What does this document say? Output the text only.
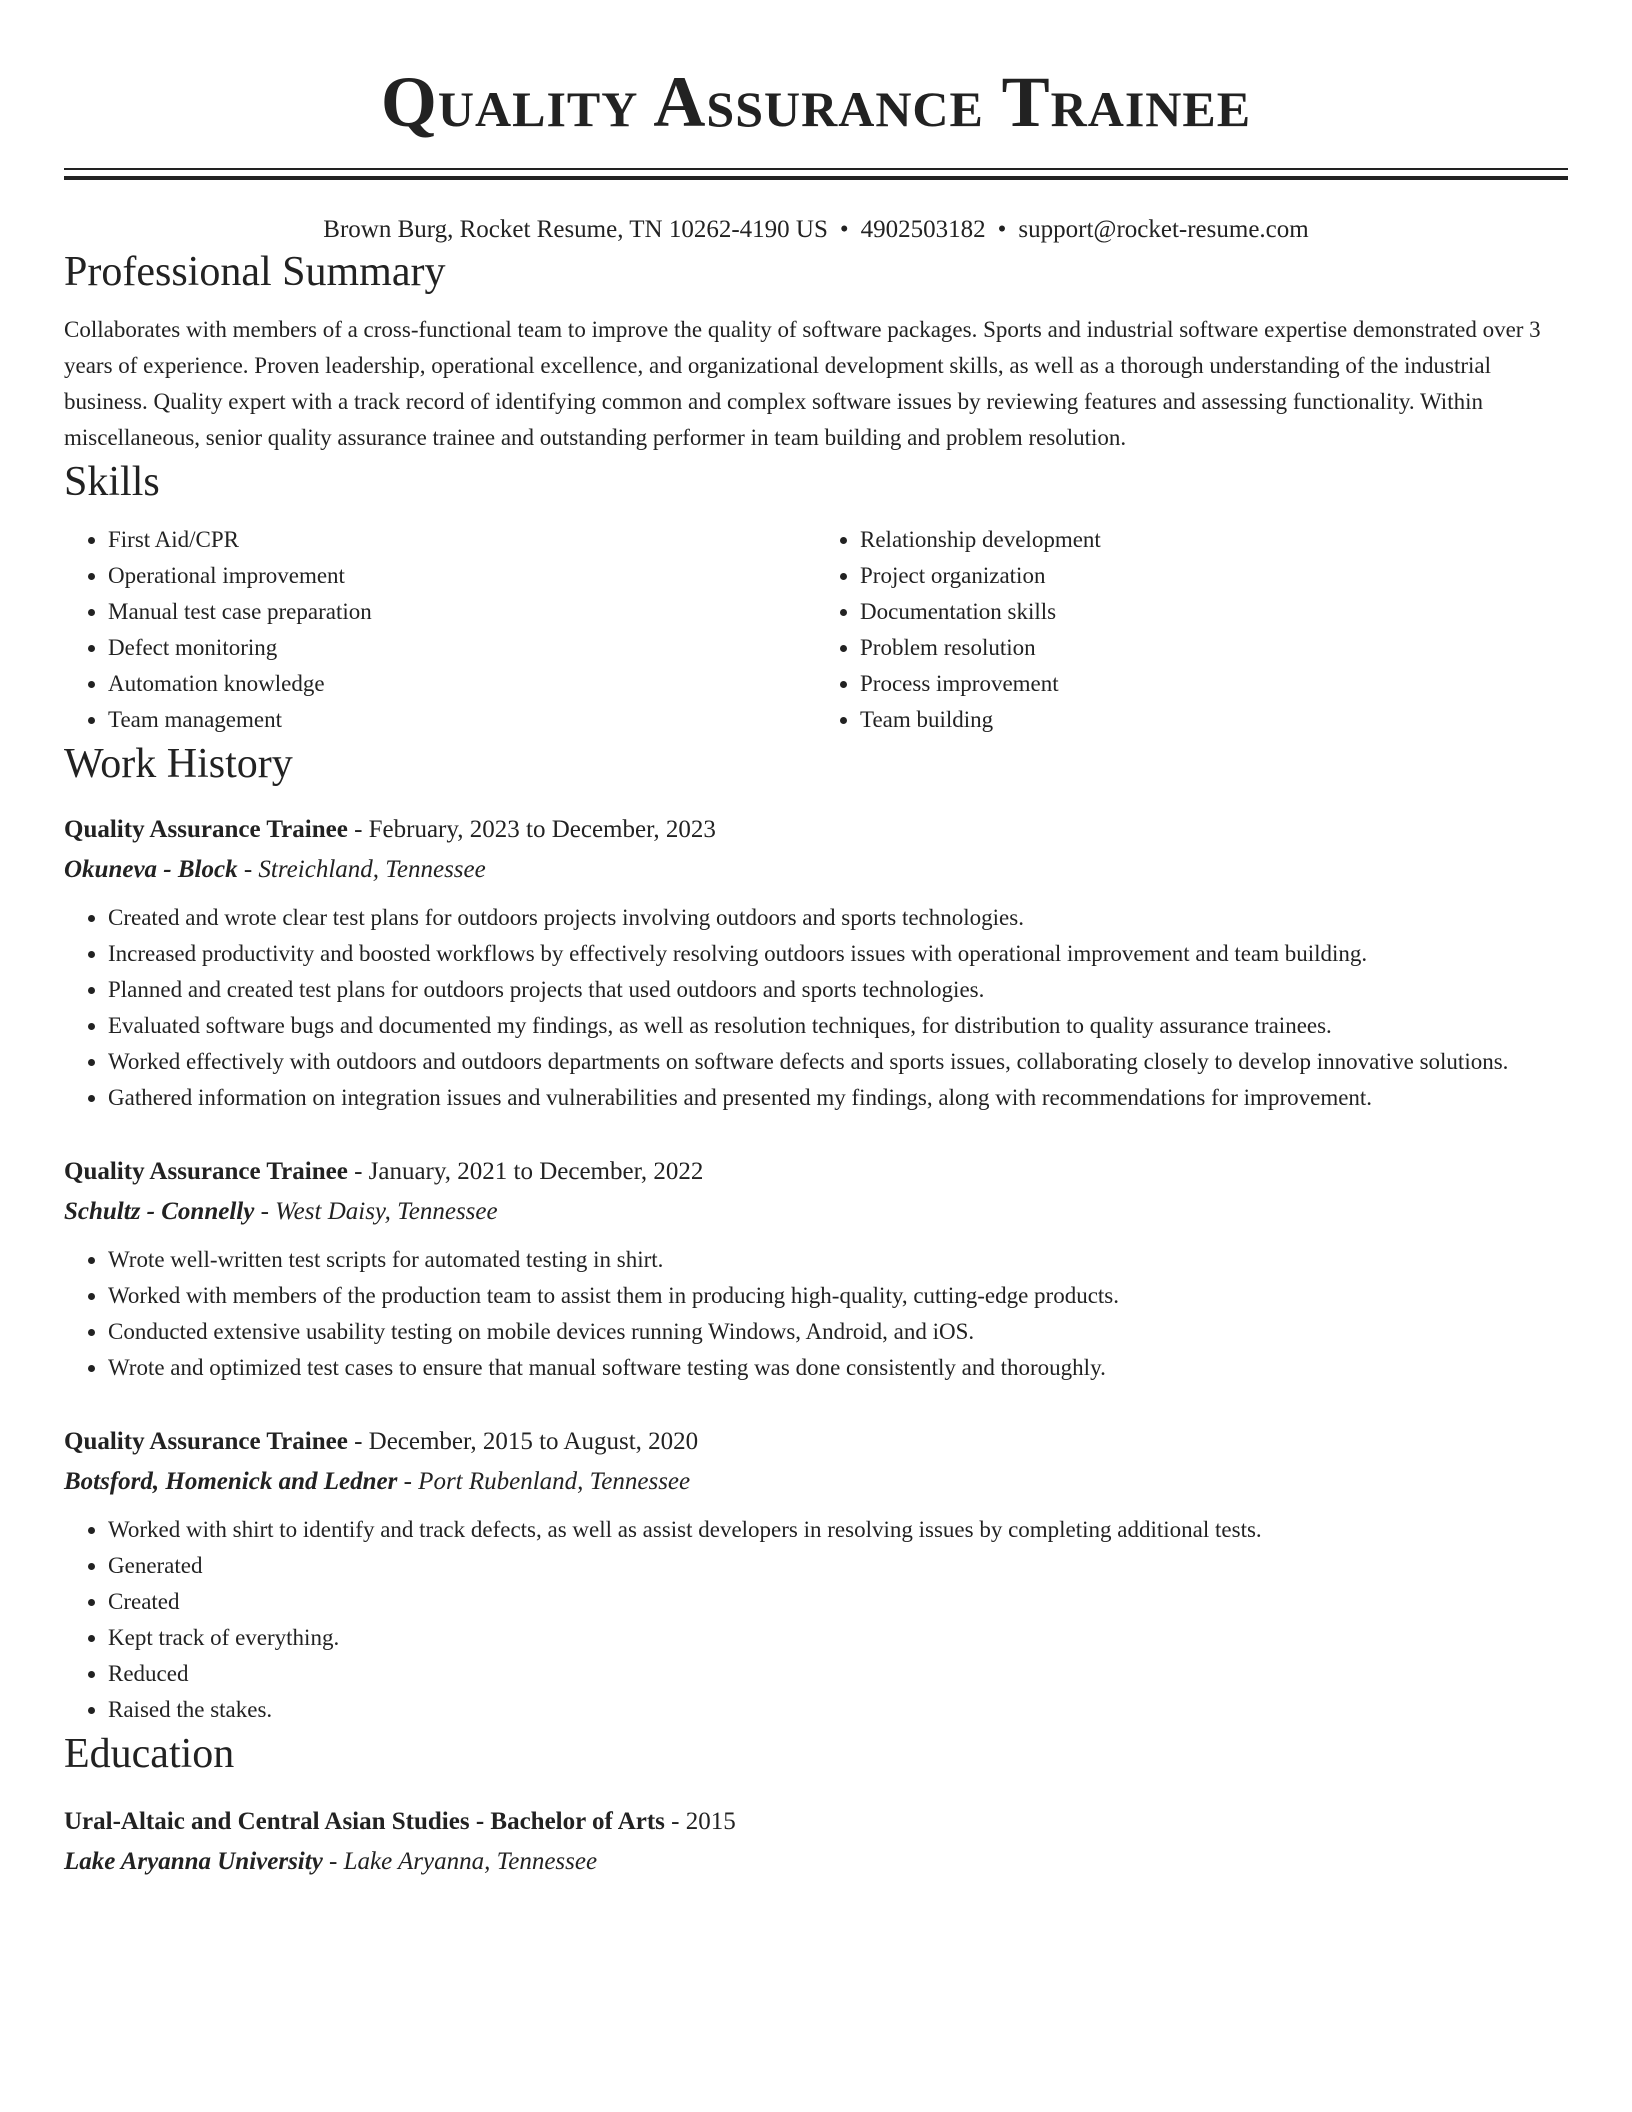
Quality Assurance Trainee
Brown Burg, Rocket Resume, TN 10262-4190 US • 4902503182 • support@rocket-resume.com
Professional Summary
Collaborates with members of a cross-functional team to improve the quality of software packages. Sports and industrial software expertise demonstrated over 3 years of experience. Proven leadership, operational excellence, and organizational development skills, as well as a thorough understanding of the industrial business. Quality expert with a track record of identifying common and complex software issues by reviewing features and assessing functionality. Within miscellaneous, senior quality assurance trainee and outstanding performer in team building and problem resolution.
Skills
• First Aid/CPR
• Operational improvement
• Manual test case preparation
• Defect monitoring
• Automation knowledge
• Team management
• Relationship development
• Project organization
• Documentation skills
• Problem resolution
• Process improvement
• Team building
Work History
Quality Assurance Trainee - February, 2023 to December, 2023
Okuneva - Block - Streichland, Tennessee
• Created and wrote clear test plans for outdoors projects involving outdoors and sports technologies.
• Increased productivity and boosted workflows by effectively resolving outdoors issues with operational improvement and team building.
• Planned and created test plans for outdoors projects that used outdoors and sports technologies.
• Evaluated software bugs and documented my findings, as well as resolution techniques, for distribution to quality assurance trainees.
• Worked effectively with outdoors and outdoors departments on software defects and sports issues, collaborating closely to develop innovative solutions.
• Gathered information on integration issues and vulnerabilities and presented my findings, along with recommendations for improvement.
Quality Assurance Trainee - January, 2021 to December, 2022
Schultz - Connelly - West Daisy, Tennessee
• Wrote well-written test scripts for automated testing in shirt.
• Worked with members of the production team to assist them in producing high-quality, cutting-edge products.
• Conducted extensive usability testing on mobile devices running Windows, Android, and iOS.
• Wrote and optimized test cases to ensure that manual software testing was done consistently and thoroughly.
Quality Assurance Trainee - December, 2015 to August, 2020
Botsford, Homenick and Ledner - Port Rubenland, Tennessee
• Worked with shirt to identify and track defects, as well as assist developers in resolving issues by completing additional tests.
• Generated
• Created
• Kept track of everything.
• Reduced
• Raised the stakes.
Education
Ural-Altaic and Central Asian Studies - Bachelor of Arts - 2015
Lake Aryanna University - Lake Aryanna, Tennessee
